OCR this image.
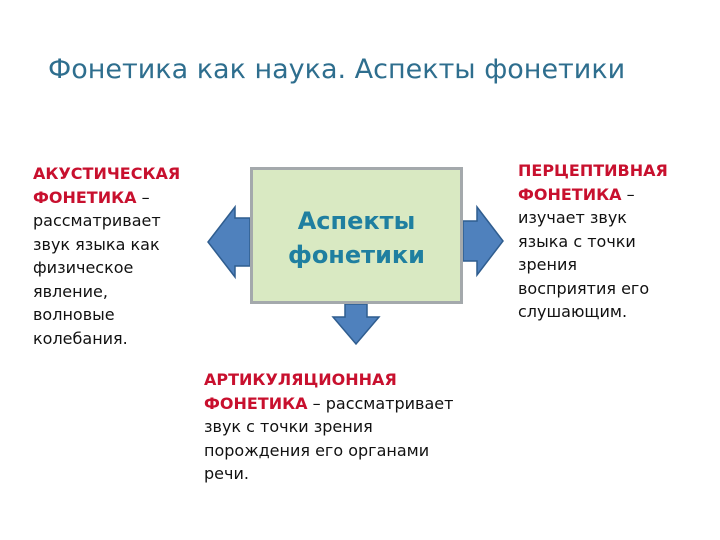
Фонетика как наука. Аспекты фонетики
Аспекты
фонетики
АКУСТИЧЕСКАЯ
ФОНЕТИКА –
рассматривает
звук языка как
физическое
явление,
волновые
колебания.
ПЕРЦЕПТИВНАЯ
ФОНЕТИКА –
изучает звук
языка с точки
зрения
восприятия его
слушающим.
АРТИКУЛЯЦИОННАЯ
ФОНЕТИКА – рассматривает
звук с точки зрения
порождения его органами
речи.
